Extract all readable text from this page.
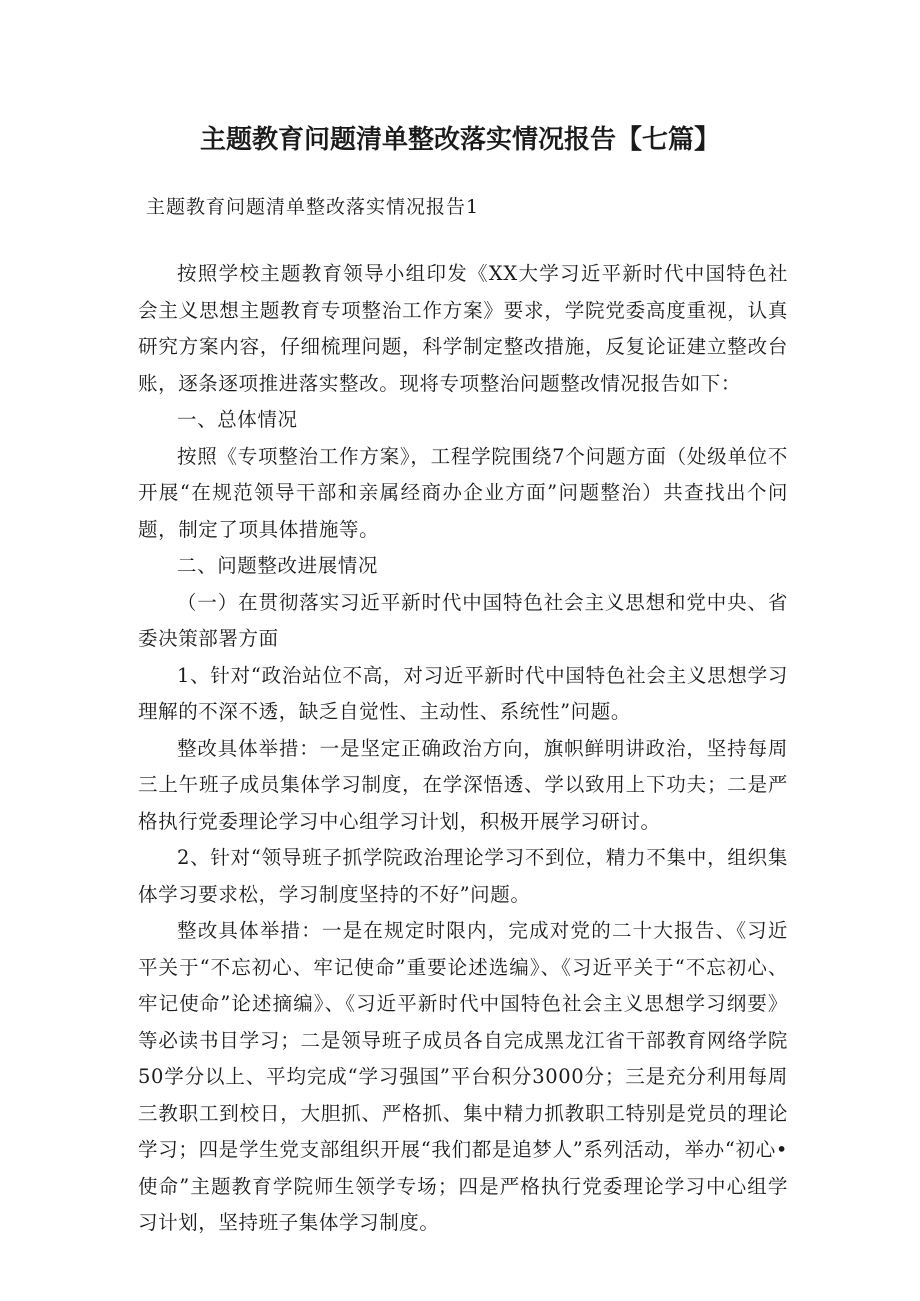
主题教育问题清单整改落实情况报告【七篇】

主题教育问题清单整改落实情况报告1

按照学校主题教育领导小组印发《XX大学习近平新时代中国特色社会主义思想主题教育专项整治工作方案》要求，学院党委高度重视，认真研究方案内容，仔细梳理问题，科学制定整改措施，反复论证建立整改台账，逐条逐项推进落实整改。现将专项整治问题整改情况报告如下：

一、总体情况

按照《专项整治工作方案》，工程学院围绕7个问题方面（处级单位不开展“在规范领导干部和亲属经商办企业方面”问题整治）共查找出个问题，制定了项具体措施等。

二、问题整改进展情况

（一）在贯彻落实习近平新时代中国特色社会主义思想和党中央、省委决策部署方面

1、针对“政治站位不高，对习近平新时代中国特色社会主义思想学习理解的不深不透，缺乏自觉性、主动性、系统性”问题。

整改具体举措：一是坚定正确政治方向，旗帜鲜明讲政治，坚持每周三上午班子成员集体学习制度，在学深悟透、学以致用上下功夫；二是严格执行党委理论学习中心组学习计划，积极开展学习研讨。

2、针对“领导班子抓学院政治理论学习不到位，精力不集中，组织集体学习要求松，学习制度坚持的不好”问题。

整改具体举措：一是在规定时限内，完成对党的二十大报告、《习近平关于“不忘初心、牢记使命”重要论述选编》、《习近平关于“不忘初心、牢记使命”论述摘编》、《习近平新时代中国特色社会主义思想学习纲要》等必读书目学习；二是领导班子成员各自完成黑龙江省干部教育网络学院50学分以上、平均完成“学习强国”平台积分3000分；三是充分利用每周三教职工到校日，大胆抓、严格抓、集中精力抓教职工特别是党员的理论学习；四是学生党支部组织开展“我们都是追梦人”系列活动，举办“初心•使命”主题教育学院师生领学专场；四是严格执行党委理论学习中心组学习计划，坚持班子集体学习制度。
